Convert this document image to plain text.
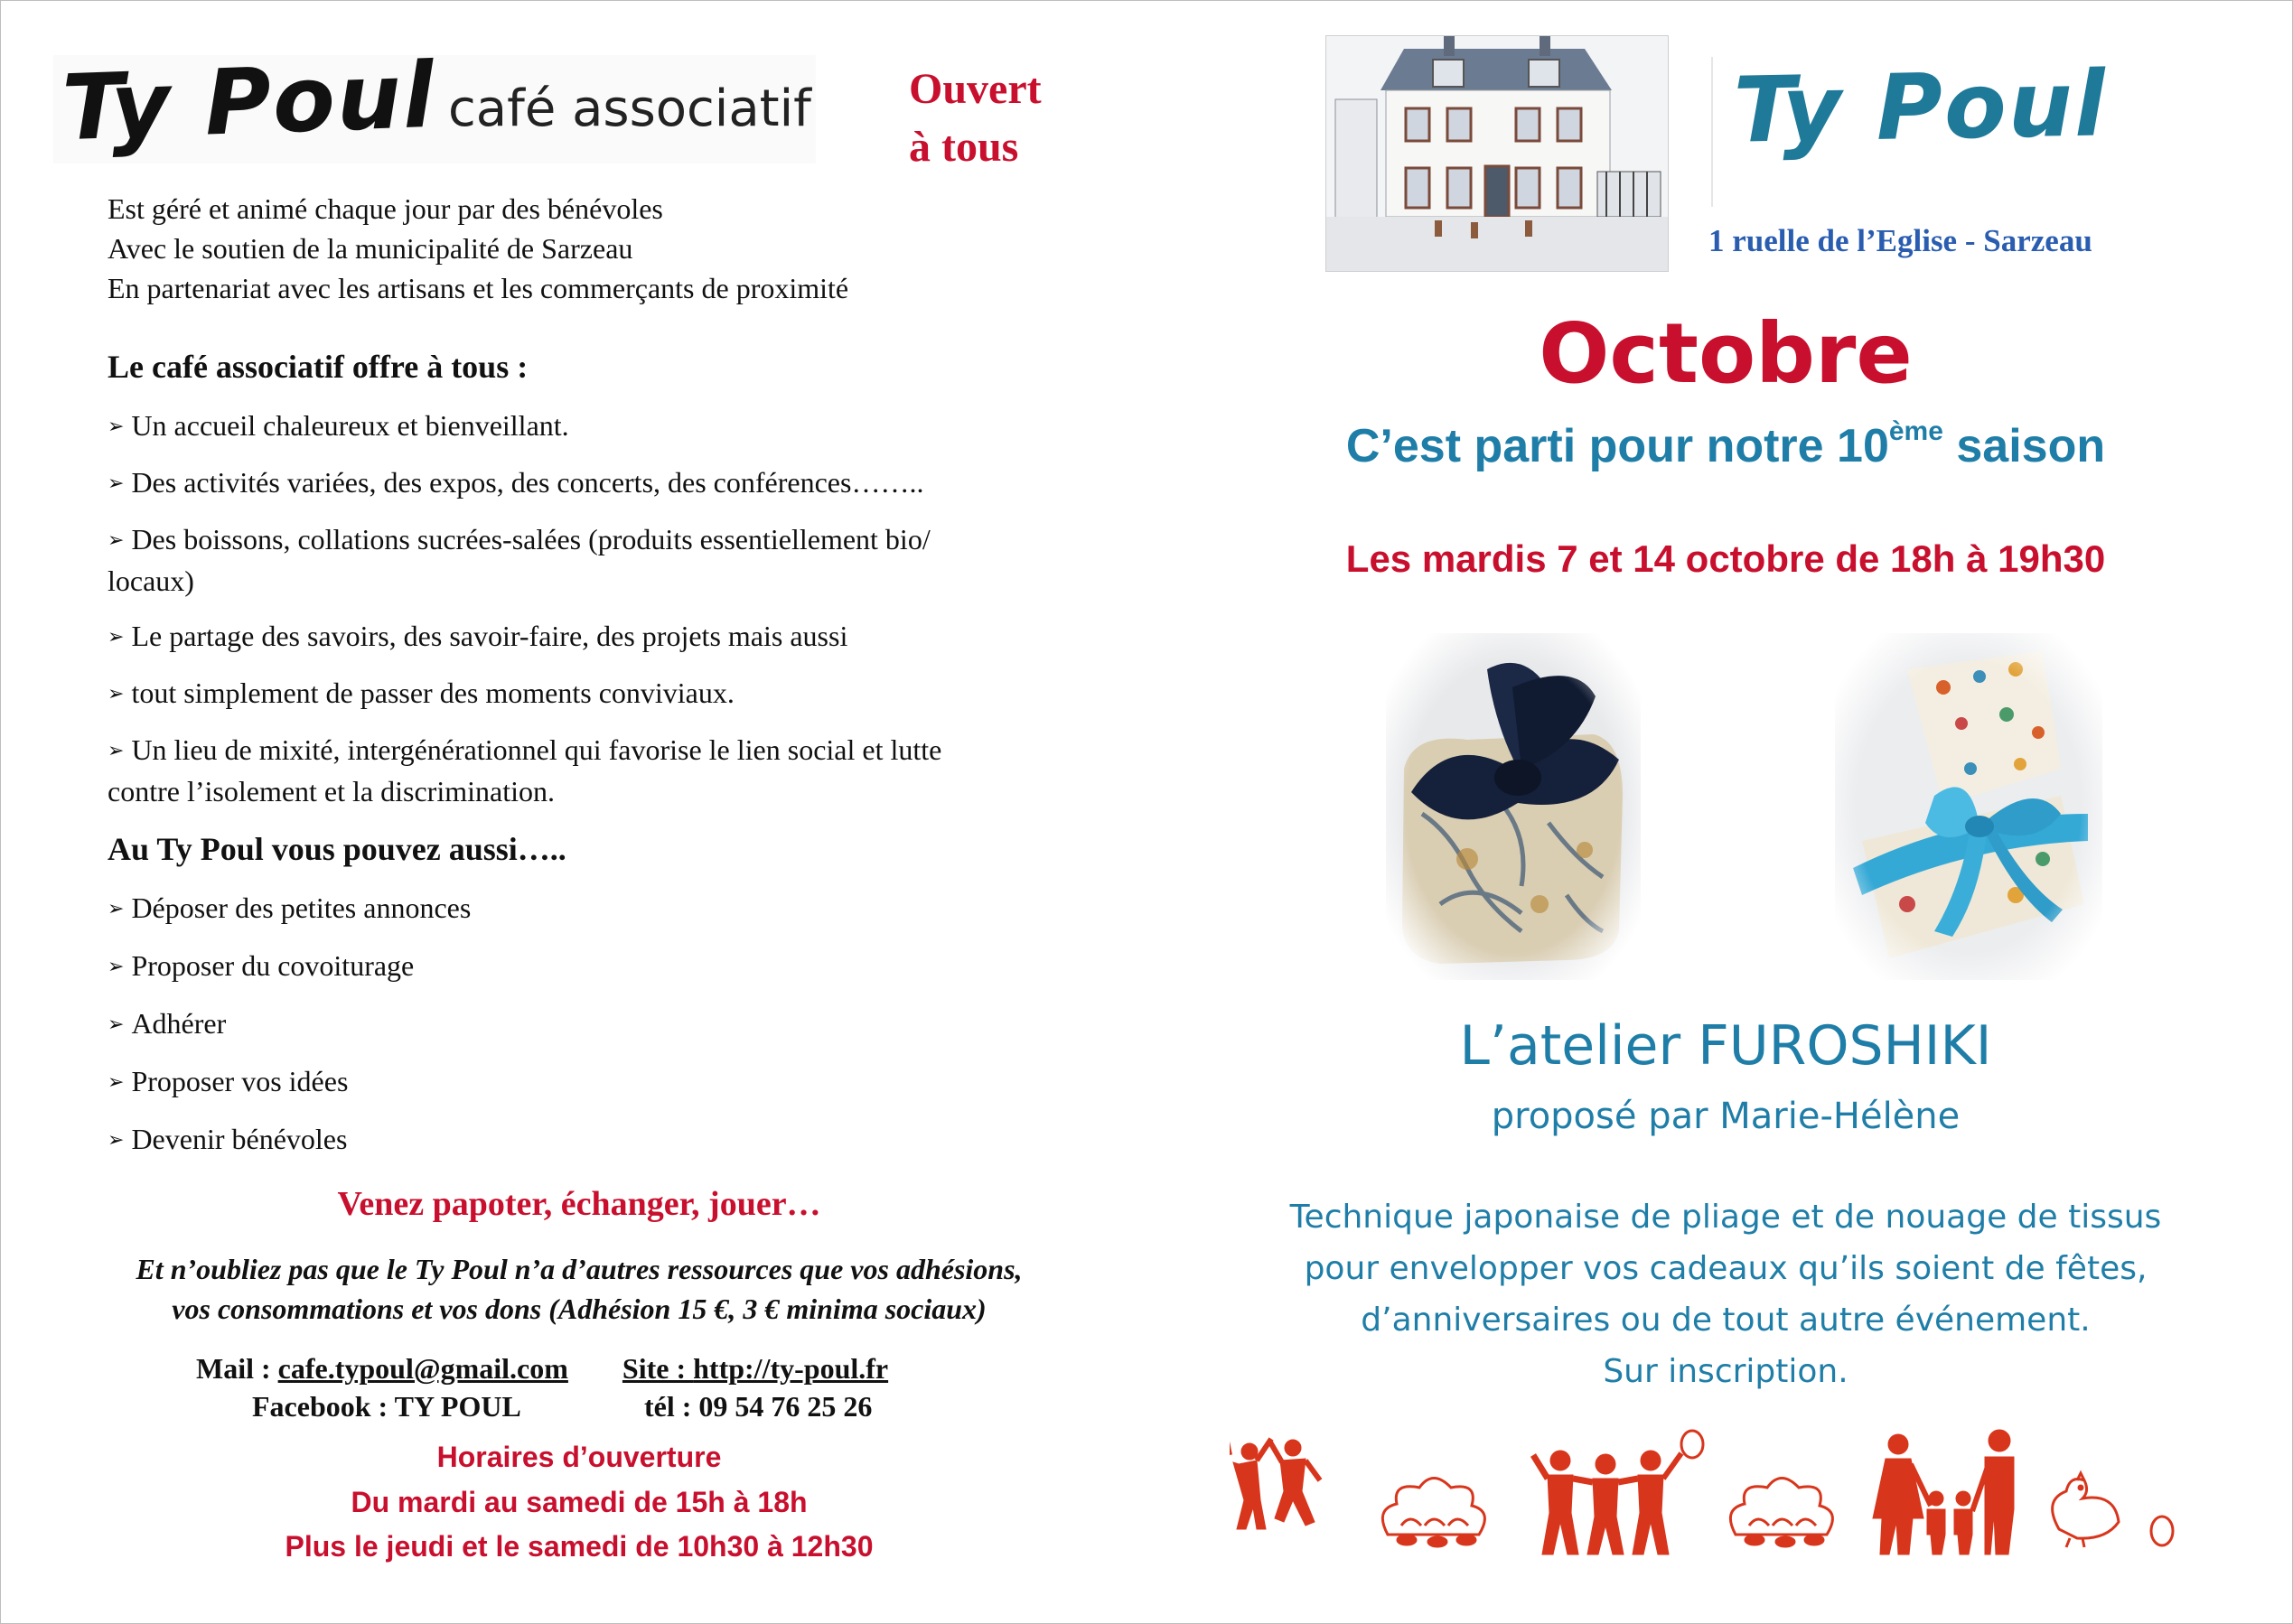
Ty Poul café associatif Ouvert
à tous
Est géré et animé chaque jour par des bénévoles
Avec le soutien de la municipalité de Sarzeau
En partenariat avec les artisans et les commerçants de proximité
Le café associatif offre à tous :
➢ Un accueil chaleureux et bienveillant.
➢ Des activités variées, des expos, des concerts, des conférences……..
➢ Des boissons, collations sucrées-salées (produits essentiellement bio/
locaux)
➢ Le partage des savoirs, des savoir-faire, des projets mais aussi
➢ tout simplement de passer des moments conviviaux.
➢ Un lieu de mixité, intergénérationnel qui favorise le lien social et lutte
contre l’isolement et la discrimination.
Au Ty Poul vous pouvez aussi…..
➢ Déposer des petites annonces
➢ Proposer du covoiturage
➢ Adhérer
➢ Proposer vos idées
➢ Devenir bénévoles
Venez papoter, échanger, jouer…
Et n’oubliez pas que le Ty Poul n’a d’autres ressources que vos adhésions,
vos consommations et vos dons (Adhésion 15 €, 3 € minima sociaux)
Mail : cafe.typoul@gmail.com Site : http://ty-poul.fr
Facebook : TY POUL	tél : 09 54 76 25 26
Horaires d’ouverture
Du mardi au samedi de 15h à 18h
Plus le jeudi et le samedi de 10h30 à 12h30
Ty Poul
1 ruelle de l’Eglise - Sarzeau
Octobre
C’est parti pour notre 10ème saison
Les mardis 7 et 14 octobre de 18h à 19h30
L’atelier FUROSHIKI
proposé par Marie-Hélène
Technique japonaise de pliage et de nouage de tissus
pour envelopper vos cadeaux qu’ils soient de fêtes,
d’anniversaires ou de tout autre événement.
Sur inscription.
